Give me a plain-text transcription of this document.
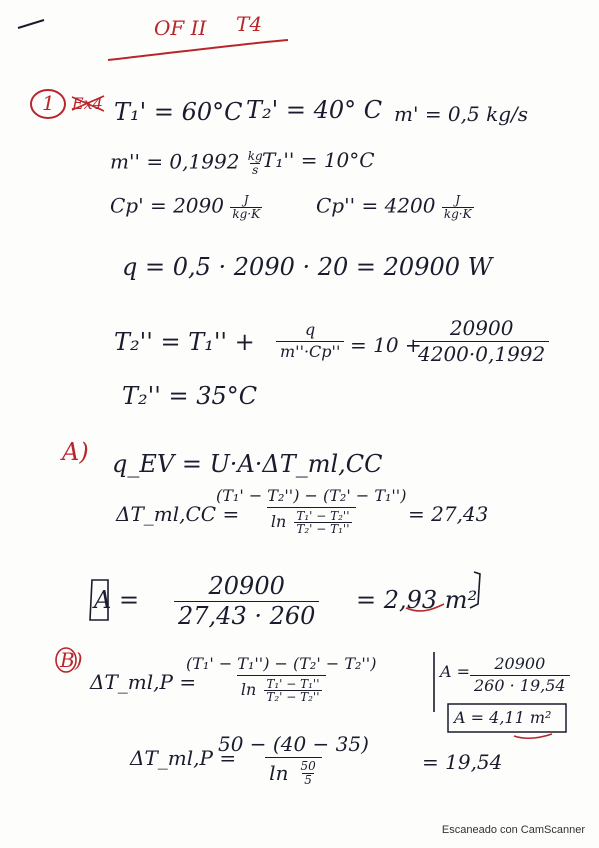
OF II T4
1 Ex4 T₁' = 60°C T₂' = 40° C m' = 0,5 kg/s
$m'' = 0,1992 \frac{kg}{s}$
T₁'' = 10°C
$Cp' = 2090 \frac{J}{kg\cdot K}$	$Cp'' = 4200 \frac{J}{kg\cdot K}$
q = 0,5 · 2090 · 20 = 20900 W
$T_2'' = T_1'' + \frac{q}{m''\cdot Cp''} = 10$ +
$\frac{20900}{4200\cdot 0,1992}$
T₂'' = 35°C
A) q_EV = U·A·ΔT_ml,CC
ΔT_ml,CC =
$\frac{\text{(T₁' − T₂'') − (T₂' − T₁'')}}{\ln \frac{\text{T₁' − T₂''}}{\text{T₂' − T₁''}}}$
= 27,43
$A = \frac{20900}{27,43 \cdot 260} = 2,93$ m²
B)
ΔT_ml,P =
$\frac{\text{(T₁' − T₁'') − (T₂' − T₂'')}}{\ln \frac{\text{T₁' − T₁''}}{\text{T₂' − T₂''}}}$	$A = \frac{20900}{260 \cdot 19,54}$
A = 4,11 m²
ΔT_ml,P =
$\frac{50 - (40 - 35)}{\ln \frac{50}{5}} = 19,54$
Escaneado con CamScanner
